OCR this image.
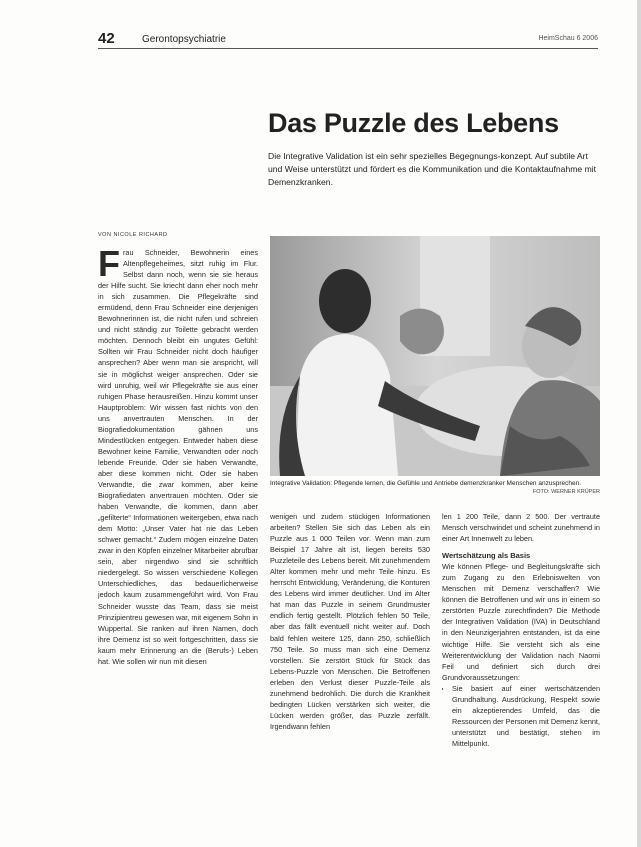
42	Gerontopsychiatrie	HeimSchau 6 2006
Das Puzzle des Lebens
Die Integrative Validation ist ein sehr spezielles Begegnungs-konzept. Auf subtile Art und Weise unterstützt und fördert es die Kommunikation und die Kontaktaufnahme mit Demenzkranken.
VON NICOLE RICHARD

Frau Schneider, Bewohnerin eines Altenpflegeheimes, sitzt ruhig im Flur. Selbst dann noch, wenn sie sie heraus der Hilfe sucht. Sie kriecht dann eher noch mehr in sich zusammen. Die Pflegekräfte sind ermüdend, denn Frau Schneider eine derjenigen Bewohnerinnen ist, die nicht rufen und schreien und nicht ständig zur Toilette gebracht werden möchten. Dennoch bleibt ein ungutes Gefühl: Sollten wir Frau Schneider nicht doch häufiger ansprechen? Aber wenn man sie anspricht, will sie in möglichst weiger ansprechen. Oder sie wird unruhig, weil wir Pflegekräfte sie aus einer ruhigen Phase herausreißen. Hinzu kommt unser Hauptproblem: Wir wissen fast nichts von den uns anvertrauten Menschen. In der Biografiedokumentation gähnen uns Mindestlücken entgegen. Entweder haben diese Bewohner keine Familie, Verwandten oder noch lebende Freunde. Oder sie haben Verwandte, aber diese kommen nicht. Oder sie haben Verwandte, die zwar kommen, aber keine Biografiedaten anvertrauen möchten. Oder sie haben Verwandte, die kommen, dann aber „gefilterte“ Informationen weitergeben, etwa nach dem Motto: „Unser Vater hat nie das Leben schwer gemacht.“ Zudem mögen einzelne Daten zwar in den Köpfen einzelner Mitarbeiter abrufbar sein, aber nirgendwo sind sie schriftlich niedergelegt. So wissen verschiedene Kollegen Unterschiedliches, das bedauerlicherweise jedoch kaum zusammengeführt wird. Von Frau Schneider wusste das Team, dass sie meist Prinzipientreu gewesen war, mit eigenem Sohn in Wuppertal. Sie ranken auf ihren Namen, doch ihre Demenz ist so weit fortgeschritten, dass sie kaum mehr Erinnerung an die (Berufs-) Leben hat. Wie sollen wir nun mit diesen

Integrative Validation: Pflegende lernen, die Gefühle und Antriebe demenzkranker Menschen anzusprechen.
FOTO: WERNER KRÜPER

wenigen und zudem stückigen Informationen arbeiten? Stellen Sie sich das Leben als ein Puzzle aus 1 000 Teilen vor. Wenn man zum Beispiel 17 Jahre alt ist, liegen bereits 530 Puzzleteile des Lebens bereit. Mit zunehmendem Alter kommen mehr und mehr Teile hinzu. Es herrscht Entwicklung, Veränderung, die Konturen des Lebens wird immer deutlicher. Und im Alter hat man das Puzzle in seinem Grundmuster endlich fertig gestellt. Plötzlich fehlen 50 Teile, aber das fällt eventuell nicht weiter auf. Doch bald fehlen weitere 125, dann 250, schließlich 750 Teile. So muss man sich eine Demenz vorstellen. Sie zerstört Stück für Stück das Lebens-Puzzle von Menschen. Die Betroffenen erleben den Verlust dieser Puzzle-Teile als zunehmend bedrohlich. Die durch die Krankheit bedingten Lücken verstärken sich weiter, die Lücken werden größer, das Puzzle zerfällt. Irgendwann fehlen

len 1 200 Teile, dann 2 500. Der vertraute Mensch verschwindet und scheint zunehmend in einer Art Innenwelt zu leben.

Wertschätzung als Basis

Wie können Pflege- und Begleitungskräfte sich zum Zugang zu den Erlebniswelten von Menschen mit Demenz verschaffen? Wie können die Betroffenen und wir uns in einem so zerstörten Puzzle zurechtfinden? Die Methode der Integrativen Validation (IVA) in Deutschland in den Neunzigerjahren entstanden, ist da eine wichtige Hilfe. Sie versteht sich als eine Weiterentwicklung der Validation nach Naomi Feil und definiert sich durch drei Grundvoraussetzungen:

• Sie basiert auf einer wertschätzenden Grundhaltung. Ausdrückung, Respekt sowie ein akzeptierendes Umfeld, das die Ressourcen der Personen mit Demenz kennt, unterstützt und bestätigt, stehen im Mittelpunkt.
